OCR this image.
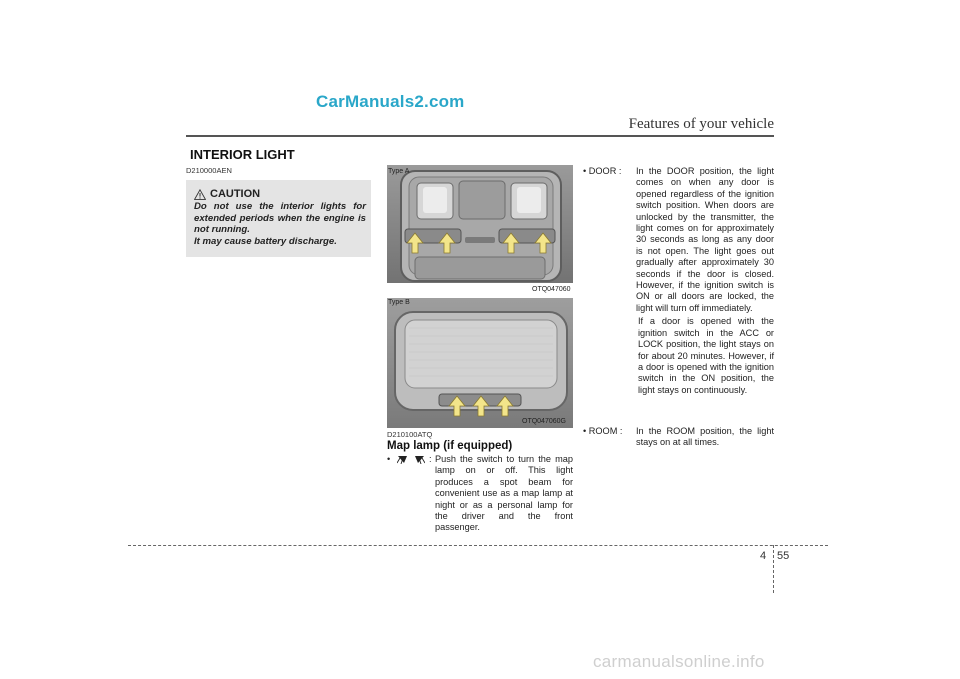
CarManuals2.com
Features of your vehicle
INTERIOR LIGHT
D210000AEN
CAUTION
Do not use the interior lights for extended periods when the engine is not running.
It may cause battery discharge.
Type A
OTQ047060
Type B
OTQ047060G
D210100ATQ
Map lamp (if equipped)
•	: Push the switch to turn the map lamp on or off. This light produces a spot beam for convenient use as a map lamp at night or as a personal lamp for the driver and the front passenger.
• DOOR : In the DOOR position, the light comes on when any door is opened regardless of the ignition switch position. When doors are unlocked by the transmitter, the light comes on for approximately 30 seconds as long as any door is not open. The light goes out gradually after approximately 30 seconds if the door is closed. However, if the ignition switch is ON or all doors are locked, the light will turn off immediately.
If a door is opened with the ignition switch in the ACC or LOCK position, the light stays on for about 20 minutes. However, if a door is opened with the ignition switch in the ON position, the light stays on continuously.
• ROOM : In the ROOM position, the light stays on at all times.
4 55
carmanualsonline.info
